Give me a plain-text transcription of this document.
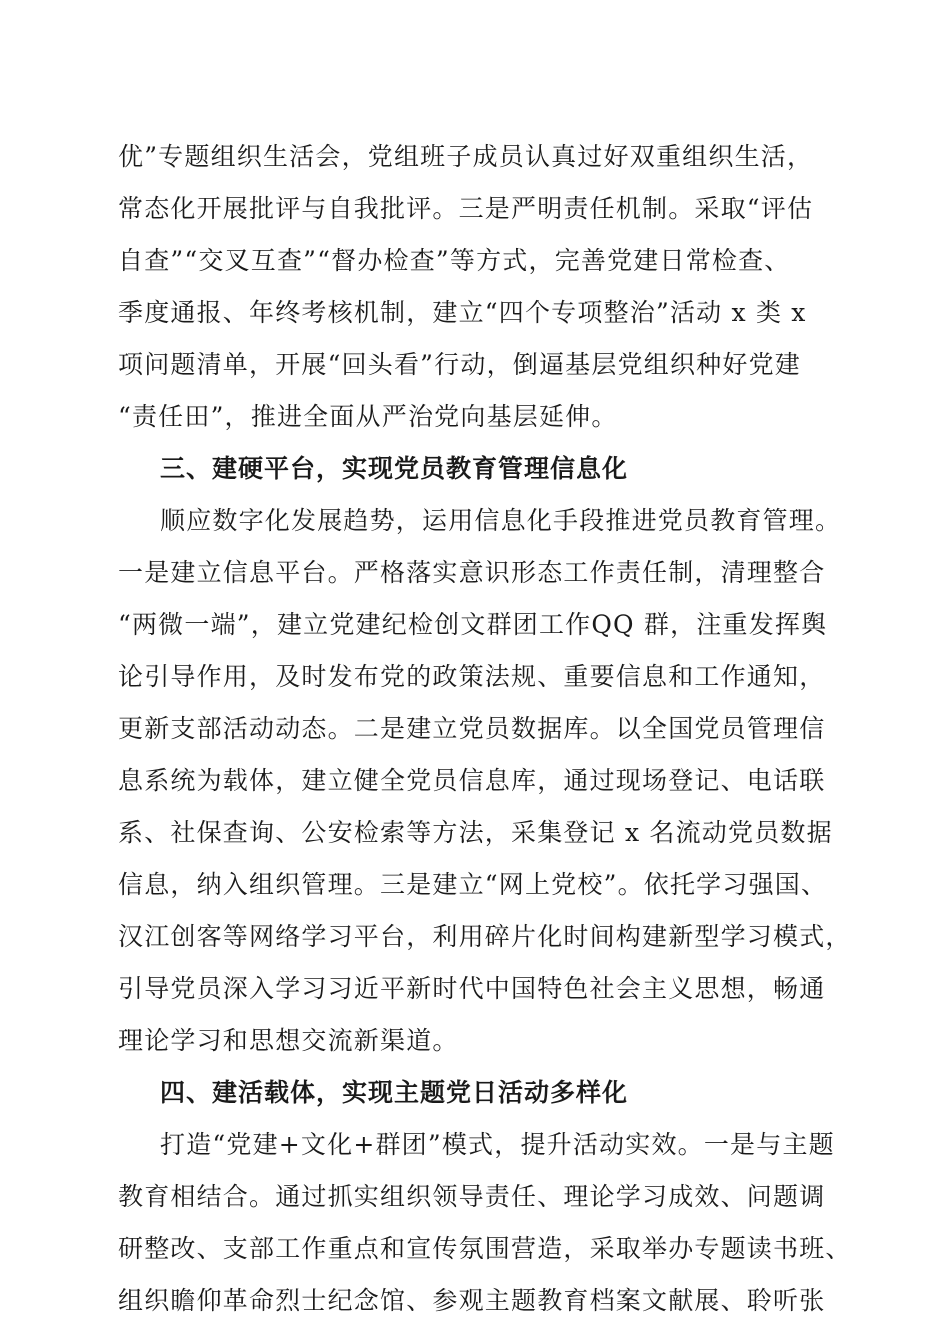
优”专题组织生活会，党组班子成员认真过好双重组织生活，
常态化开展批评与自我批评。三是严明责任机制。采取“评估
自查”“交叉互查”“督办检查”等方式，完善党建日常检查、
季度通报、年终考核机制，建立“四个专项整治”活动 x 类 x
项问题清单，开展“回头看”行动，倒逼基层党组织种好党建
“责任田”，推进全面从严治党向基层延伸。
三、建硬平台，实现党员教育管理信息化
顺应数字化发展趋势，运用信息化手段推进党员教育管理。
一是建立信息平台。严格落实意识形态工作责任制，清理整合
“两微一端”，建立党建纪检创文群团工作QQ 群，注重发挥舆
论引导作用，及时发布党的政策法规、重要信息和工作通知，
更新支部活动动态。二是建立党员数据库。以全国党员管理信
息系统为载体，建立健全党员信息库，通过现场登记、电话联
系、社保查询、公安检索等方法，采集登记 x 名流动党员数据
信息，纳入组织管理。三是建立“网上党校”。依托学习强国、
汉江创客等网络学习平台，利用碎片化时间构建新型学习模式，
引导党员深入学习习近平新时代中国特色社会主义思想，畅通
理论学习和思想交流新渠道。
四、建活载体，实现主题党日活动多样化
打造“党建+文化+群团”模式，提升活动实效。一是与主题
教育相结合。通过抓实组织领导责任、理论学习成效、问题调
研整改、支部工作重点和宣传氛围营造，采取举办专题读书班、
组织瞻仰革命烈士纪念馆、参观主题教育档案文献展、聆听张
